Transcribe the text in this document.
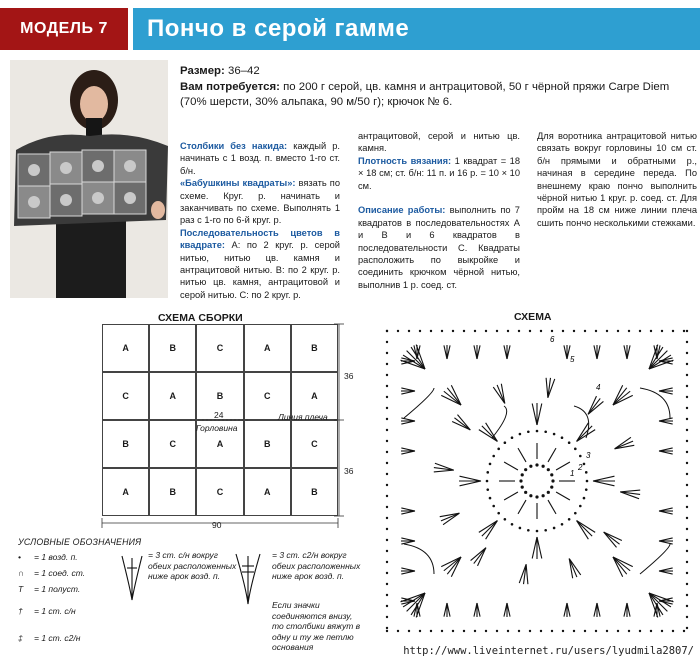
МОДЕЛЬ 7	Пончо в серой гамме
Размер: 36–42
Вам потребуется: по 200 г серой, цв. камня и антрацитовой, 50 г чёрной пряжи Carpe Diem (70% шерсти, 30% альпака, 90 м/50 г); крючок № 6.
Столбики без накида: каждый р. начинать с 1 возд. п. вместо 1-го ст. б/н.
«Бабушкины квадраты»: вязать по схеме. Круг. р. начинать и заканчивать по схеме. Выполнять 1 раз с 1-го по 6-й круг. р.
Последовательность цветов в квадрате: А: по 2 круг. р. серой нитью, нитью цв. камня и антрацитовой нитью. В: по 2 круг. р. нитью цв. камня, антрацитовой и серой нитью. С: по 2 круг. р.
антрацитовой, серой и нитью цв. камня.
Плотность вязания: 1 квадрат = 18 × 18 см; ст. б/н: 11 п. и 16 р. = 10 × 10 см.

Описание работы: выполнить по 7 квадратов в последовательностях А и В и 6 квадратов в последовательности С. Квадраты расположить по выкройке и соединить крючком чёрной нитью, выполнив 1 р. соед. ст.
Для воротника антрацитовой нитью связать вокруг горловины 10 см ст. б/н прямыми и обратными р., начиная в середине переда. По внешнему краю пончо выполнить чёрной нитью 1 круг. р. соед. ст. Для пройм на 18 см ниже линии плеча сшить пончо несколькими стежками.
СХЕМА СБОРКИ
A	B	C	A	B
C	A	B	C	A
B	C	A	B	C
A	B	C	A	B
24	Линия плеча
Горловина
36
36
90
УСЛОВНЫЕ ОБОЗНАЧЕНИЯ
• = 1 возд. п.
∩ = 1 соед. ст.
T = 1 полуст.
† = 1 ст. с/н
‡ = 1 ст. с2/н
= 3 ст. с/н вокруг обеих расположенных ниже арок возд. п.
= 3 ст. с2/н вокруг обеих расположенных ниже арок возд. п.
Если значки соединяются внизу, то столбики вяжут в одну и ту же петлю основания
СХЕМА
1
2
3
4
5
6
http://www.liveinternet.ru/users/lyudmila2807/
